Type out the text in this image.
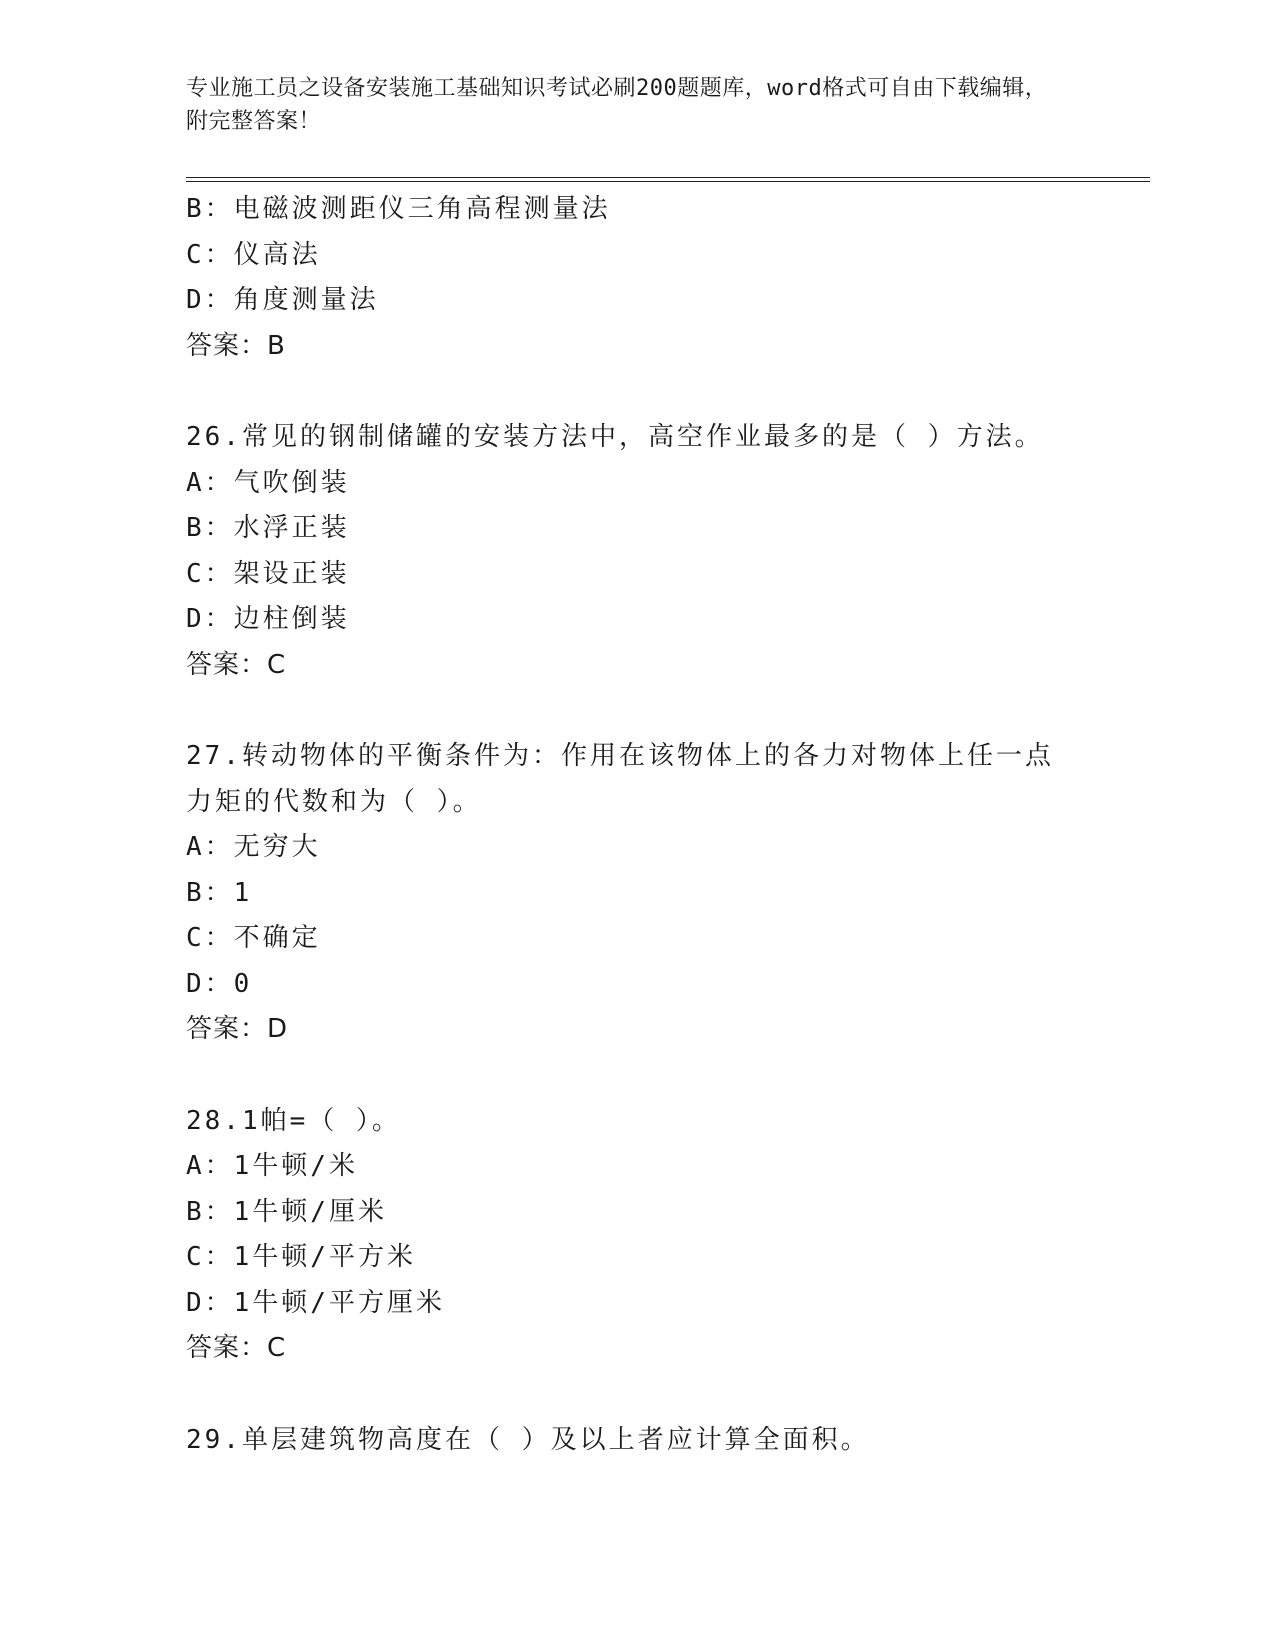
专业施工员之设备安装施工基础知识考试必刷200题题库，word格式可自由下载编辑，附完整答案！
B：电磁波测距仪三角高程测量法
C：仪高法
D：角度测量法
答案：B
26.常见的钢制储罐的安装方法中，高空作业最多的是（ ）方法。
A：气吹倒装
B：水浮正装
C：架设正装
D：边柱倒装
答案：C
27.转动物体的平衡条件为：作用在该物体上的各力对物体上任一点力矩的代数和为（ ）。
A：无穷大
B：1
C：不确定
D：0
答案：D
28.1帕=（ ）。
A：1牛顿/米
B：1牛顿/厘米
C：1牛顿/平方米
D：1牛顿/平方厘米
答案：C
29.单层建筑物高度在（ ）及以上者应计算全面积。
